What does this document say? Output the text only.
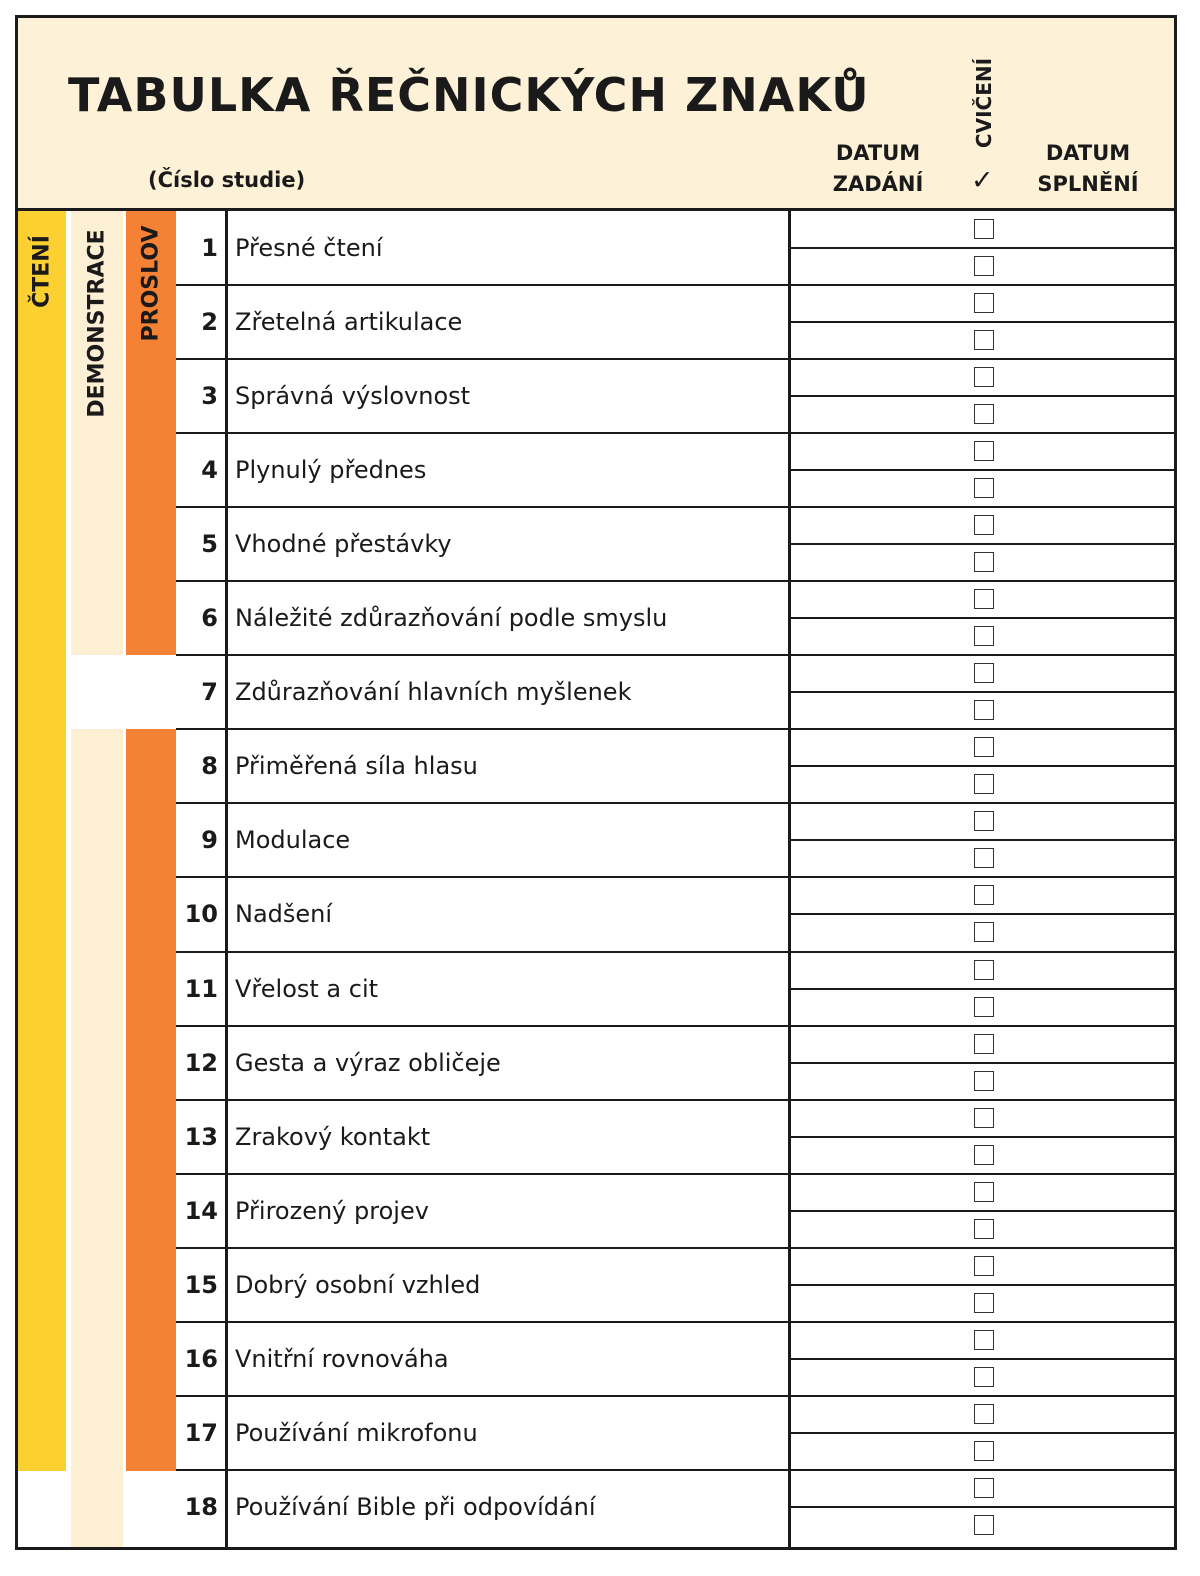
TABULKA ŘEČNICKÝCH ZNAKŮ
(Číslo studie)
DATUM
ZADÁNÍ
CVIČENÍ
✓
DATUM
SPLNĚNÍ
ČTENÍ DEMONSTRACE PROSLOV	1 Přesné čtení
2 Zřetelná artikulace
3 Správná výslovnost
4 Plynulý přednes
5 Vhodné přestávky
6 Náležité zdůrazňování podle smyslu
7 Zdůrazňování hlavních myšlenek
8 Přiměřená síla hlasu
9 Modulace
10 Nadšení
11 Vřelost a cit
12 Gesta a výraz obličeje
13 Zrakový kontakt
14 Přirozený projev
15 Dobrý osobní vzhled
16 Vnitřní rovnováha
17 Používání mikrofonu
18 Používání Bible při odpovídání
